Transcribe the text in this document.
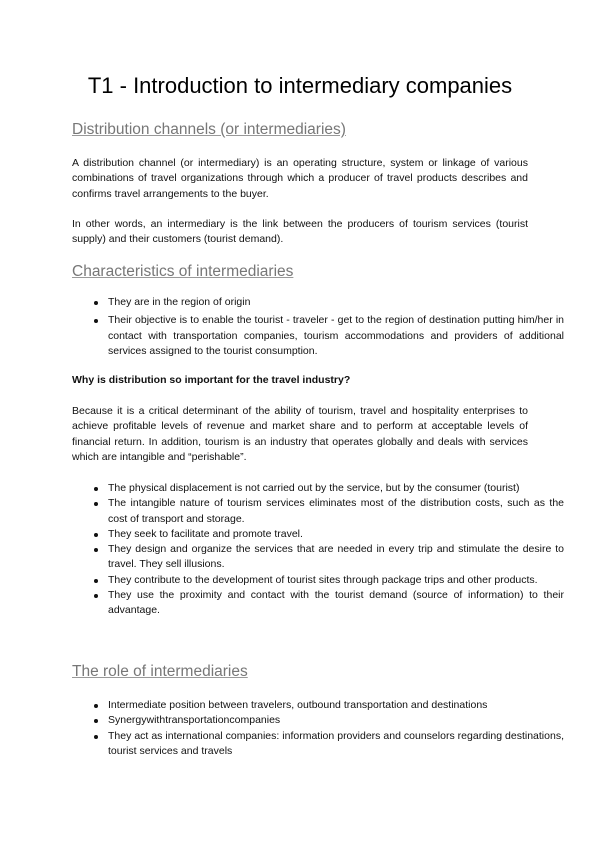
T1 - Introduction to intermediary companies
Distribution channels (or intermediaries)

A distribution channel (or intermediary) is an operating structure, system or linkage of various combinations of travel organizations through which a producer of travel products describes and confirms travel arrangements to the buyer.

In other words, an intermediary is the link between the producers of tourism services (tourist supply) and their customers (tourist demand).

Characteristics of intermediaries
They are in the region of origin
Their objective is to enable the tourist - traveler - get to the region of destination putting him/her in contact with transportation companies, tourism accommodations and providers of additional services assigned to the tourist consumption.
Why is distribution so important for the travel industry?

Because it is a critical determinant of the ability of tourism, travel and hospitality enterprises to achieve profitable levels of revenue and market share and to perform at acceptable levels of financial return. In addition, tourism is an industry that operates globally and deals with services which are intangible and “perishable”.

The physical displacement is not carried out by the service, but by the consumer (tourist)
The intangible nature of tourism services eliminates most of the distribution costs, such as the cost of transport and storage.
They seek to facilitate and promote travel.
They design and organize the services that are needed in every trip and stimulate the desire to travel. They sell illusions.
They contribute to the development of tourist sites through package trips and other products.
They use the proximity and contact with the tourist demand (source of information) to their advantage.
The role of intermediaries
Intermediate position between travelers, outbound transportation and destinations
Synergywithtransportationcompanies
They act as international companies: information providers and counselors regarding destinations, tourist services and travels
